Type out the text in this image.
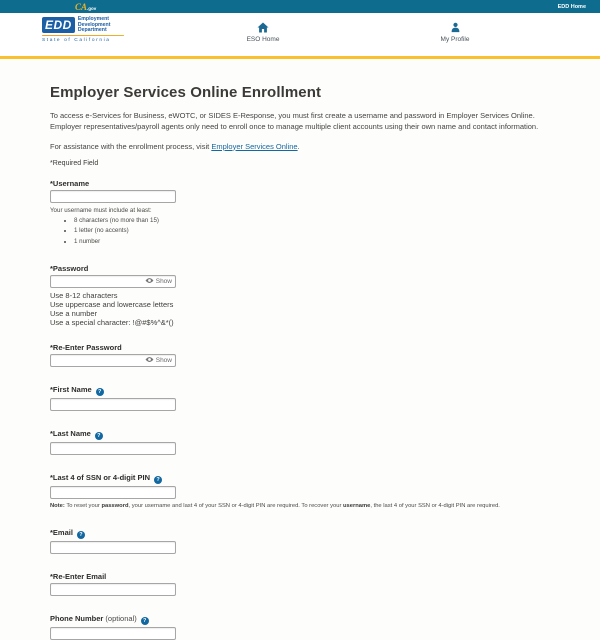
CA.gov	EDD Home
EDD	Employment
Development
Department
State of California	ESO Home	My Profile
Employer Services Online Enrollment

To access e-Services for Business, eWOTC, or SIDES E-Response, you must first create a username and password in Employer Services Online. Employer representatives/payroll agents only need to enroll once to manage multiple client accounts using their own name and contact information.

For assistance with the enrollment process, visit Employer Services Online.

*Required Field

*Username
Your username must include at least:
• 8 characters (no more than 15)
• 1 letter (no accents)
• 1 number
*Password
Show
Use 8-12 characters
Use uppercase and lowercase letters
Use a number
Use a special character: !@#$%^&*()
*Re-Enter Password
Show
*First Name ?
*Last Name ?
*Last 4 of SSN or 4-digit PIN ?

Note: To reset your password, your username and last 4 of your SSN or 4-digit PIN are required. To recover your username, the last 4 of your SSN or 4-digit PIN are required.

*Email ?
*Re-Enter Email
Phone Number (optional) ?
